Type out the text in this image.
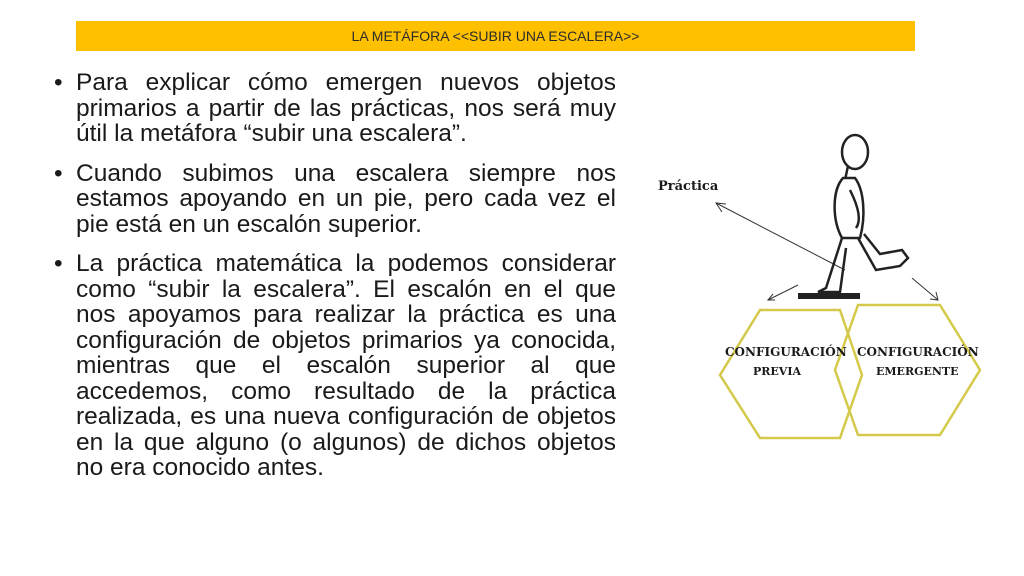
LA METÁFORA <<SUBIR UNA ESCALERA>>
• Para explicar cómo emergen nuevos objetos primarios a partir de las prácticas, nos será muy útil la metáfora “subir una escalera”.
• Cuando subimos una escalera siempre nos estamos apoyando en un pie, pero cada vez el pie está en un escalón superior.
• La práctica matemática la podemos considerar como “subir la escalera”. El escalón en el que nos apoyamos para realizar la práctica es una configuración de objetos primarios ya conocida, mientras que el escalón superior al que accedemos, como resultado de la práctica realizada, es una nueva configuración de objetos en la que alguno (o algunos) de dichos objetos no era conocido antes.
CONFIGURACIÓN
PREVIA
CONFIGURACIÓN
EMERGENTE
Práctica
